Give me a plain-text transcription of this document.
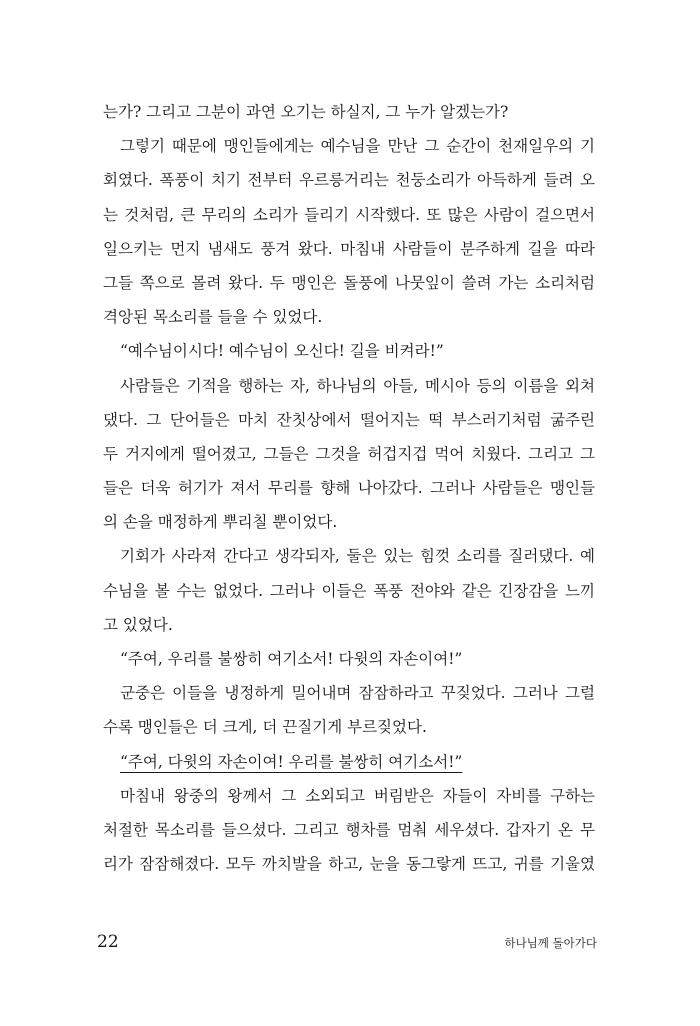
는가? 그리고 그분이 과연 오기는 하실지, 그 누가 알겠는가?
그렇기 때문에 맹인들에게는 예수님을 만난 그 순간이 천재일우의 기
회였다. 폭풍이 치기 전부터 우르릉거리는 천둥소리가 아득하게 들려 오
는 것처럼, 큰 무리의 소리가 들리기 시작했다. 또 많은 사람이 걸으면서
일으키는 먼지 냄새도 풍겨 왔다. 마침내 사람들이 분주하게 길을 따라
그들 쪽으로 몰려 왔다. 두 맹인은 돌풍에 나뭇잎이 쓸려 가는 소리처럼
격앙된 목소리를 들을 수 있었다.
“예수님이시다! 예수님이 오신다! 길을 비켜라!”
사람들은 기적을 행하는 자, 하나님의 아들, 메시아 등의 이름을 외쳐
댔다. 그 단어들은 마치 잔칫상에서 떨어지는 떡 부스러기처럼 굶주린
두 거지에게 떨어졌고, 그들은 그것을 허겁지겁 먹어 치웠다. 그리고 그
들은 더욱 허기가 져서 무리를 향해 나아갔다. 그러나 사람들은 맹인들
의 손을 매정하게 뿌리칠 뿐이었다.
기회가 사라져 간다고 생각되자, 둘은 있는 힘껏 소리를 질러댔다. 예
수님을 볼 수는 없었다. 그러나 이들은 폭풍 전야와 같은 긴장감을 느끼
고 있었다.
“주여, 우리를 불쌍히 여기소서! 다윗의 자손이여!”
군중은 이들을 냉정하게 밀어내며 잠잠하라고 꾸짖었다. 그러나 그럴
수록 맹인들은 더 크게, 더 끈질기게 부르짖었다.
“주여, 다윗의 자손이여! 우리를 불쌍히 여기소서!”
마침내 왕중의 왕께서 그 소외되고 버림받은 자들이 자비를 구하는
처절한 목소리를 들으셨다. 그리고 행차를 멈춰 세우셨다. 갑자기 온 무
리가 잠잠해졌다. 모두 까치발을 하고, 눈을 동그랗게 뜨고, 귀를 기울였
22	하나님께 돌아가다
